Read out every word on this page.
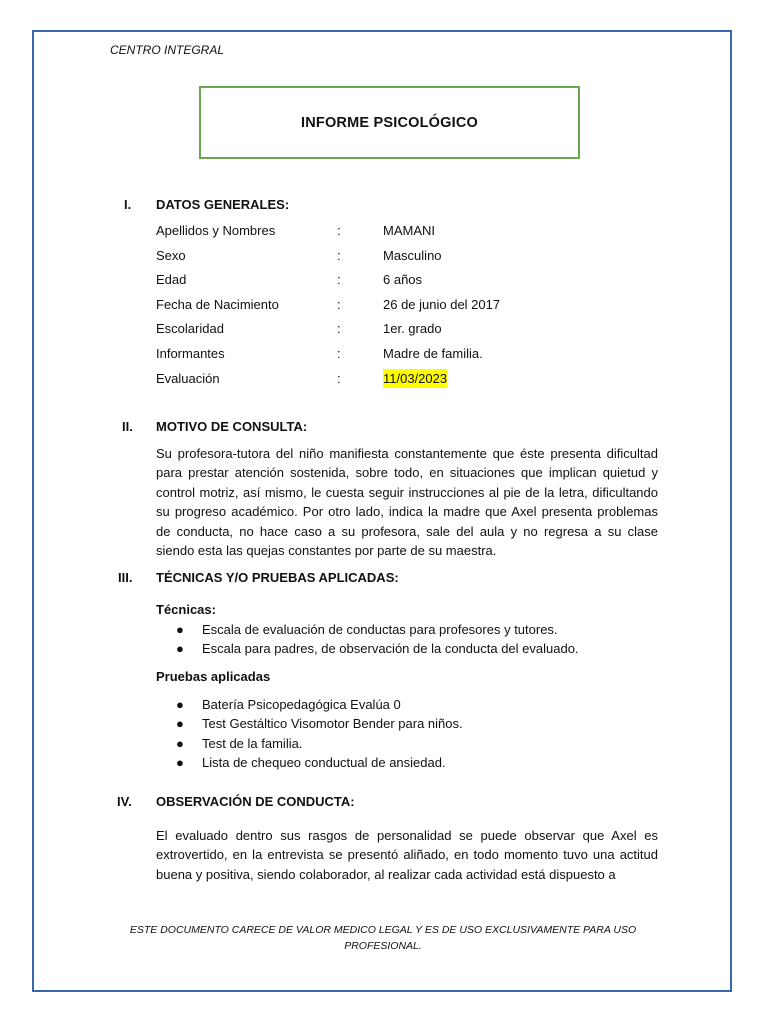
CENTRO INTEGRAL
INFORME PSICOLÓGICO
I. DATOS GENERALES:
Apellidos y Nombres	:	MAMANI
Sexo	:	Masculino
Edad	:	6 años
Fecha de Nacimiento	:	26 de junio del 2017
Escolaridad	:	1er. grado
Informantes	:	Madre de familia.
Evaluación	:	11/03/2023
II. MOTIVO DE CONSULTA:
Su profesora-tutora del niño manifiesta constantemente que éste presenta dificultad para prestar atención sostenida, sobre todo, en situaciones que implican quietud y control motriz, así mismo, le cuesta seguir instrucciones al pie de la letra, dificultando su progreso académico. Por otro lado, indica la madre que Axel presenta problemas de conducta, no hace caso a su profesora, sale del aula y no regresa a su clase siendo esta las quejas constantes por parte de su maestra.
III. TÉCNICAS Y/O PRUEBAS APLICADAS:
Técnicas:
●	Escala de evaluación de conductas para profesores y tutores.
●	Escala para padres, de observación de la conducta del evaluado.
Pruebas aplicadas
●	Batería Psicopedagógica Evalúa 0
●	Test Gestáltico Visomotor Bender para niños.
●	Test de la familia.
●	Lista de chequeo conductual de ansiedad.
IV. OBSERVACIÓN DE CONDUCTA:
El evaluado dentro sus rasgos de personalidad se puede observar que Axel es extrovertido, en la entrevista se presentó aliñado, en todo momento tuvo una actitud buena y positiva, siendo colaborador, al realizar cada actividad está dispuesto a
ESTE DOCUMENTO CARECE DE VALOR MEDICO LEGAL Y ES DE USO EXCLUSIVAMENTE PARA USO
PROFESIONAL.
